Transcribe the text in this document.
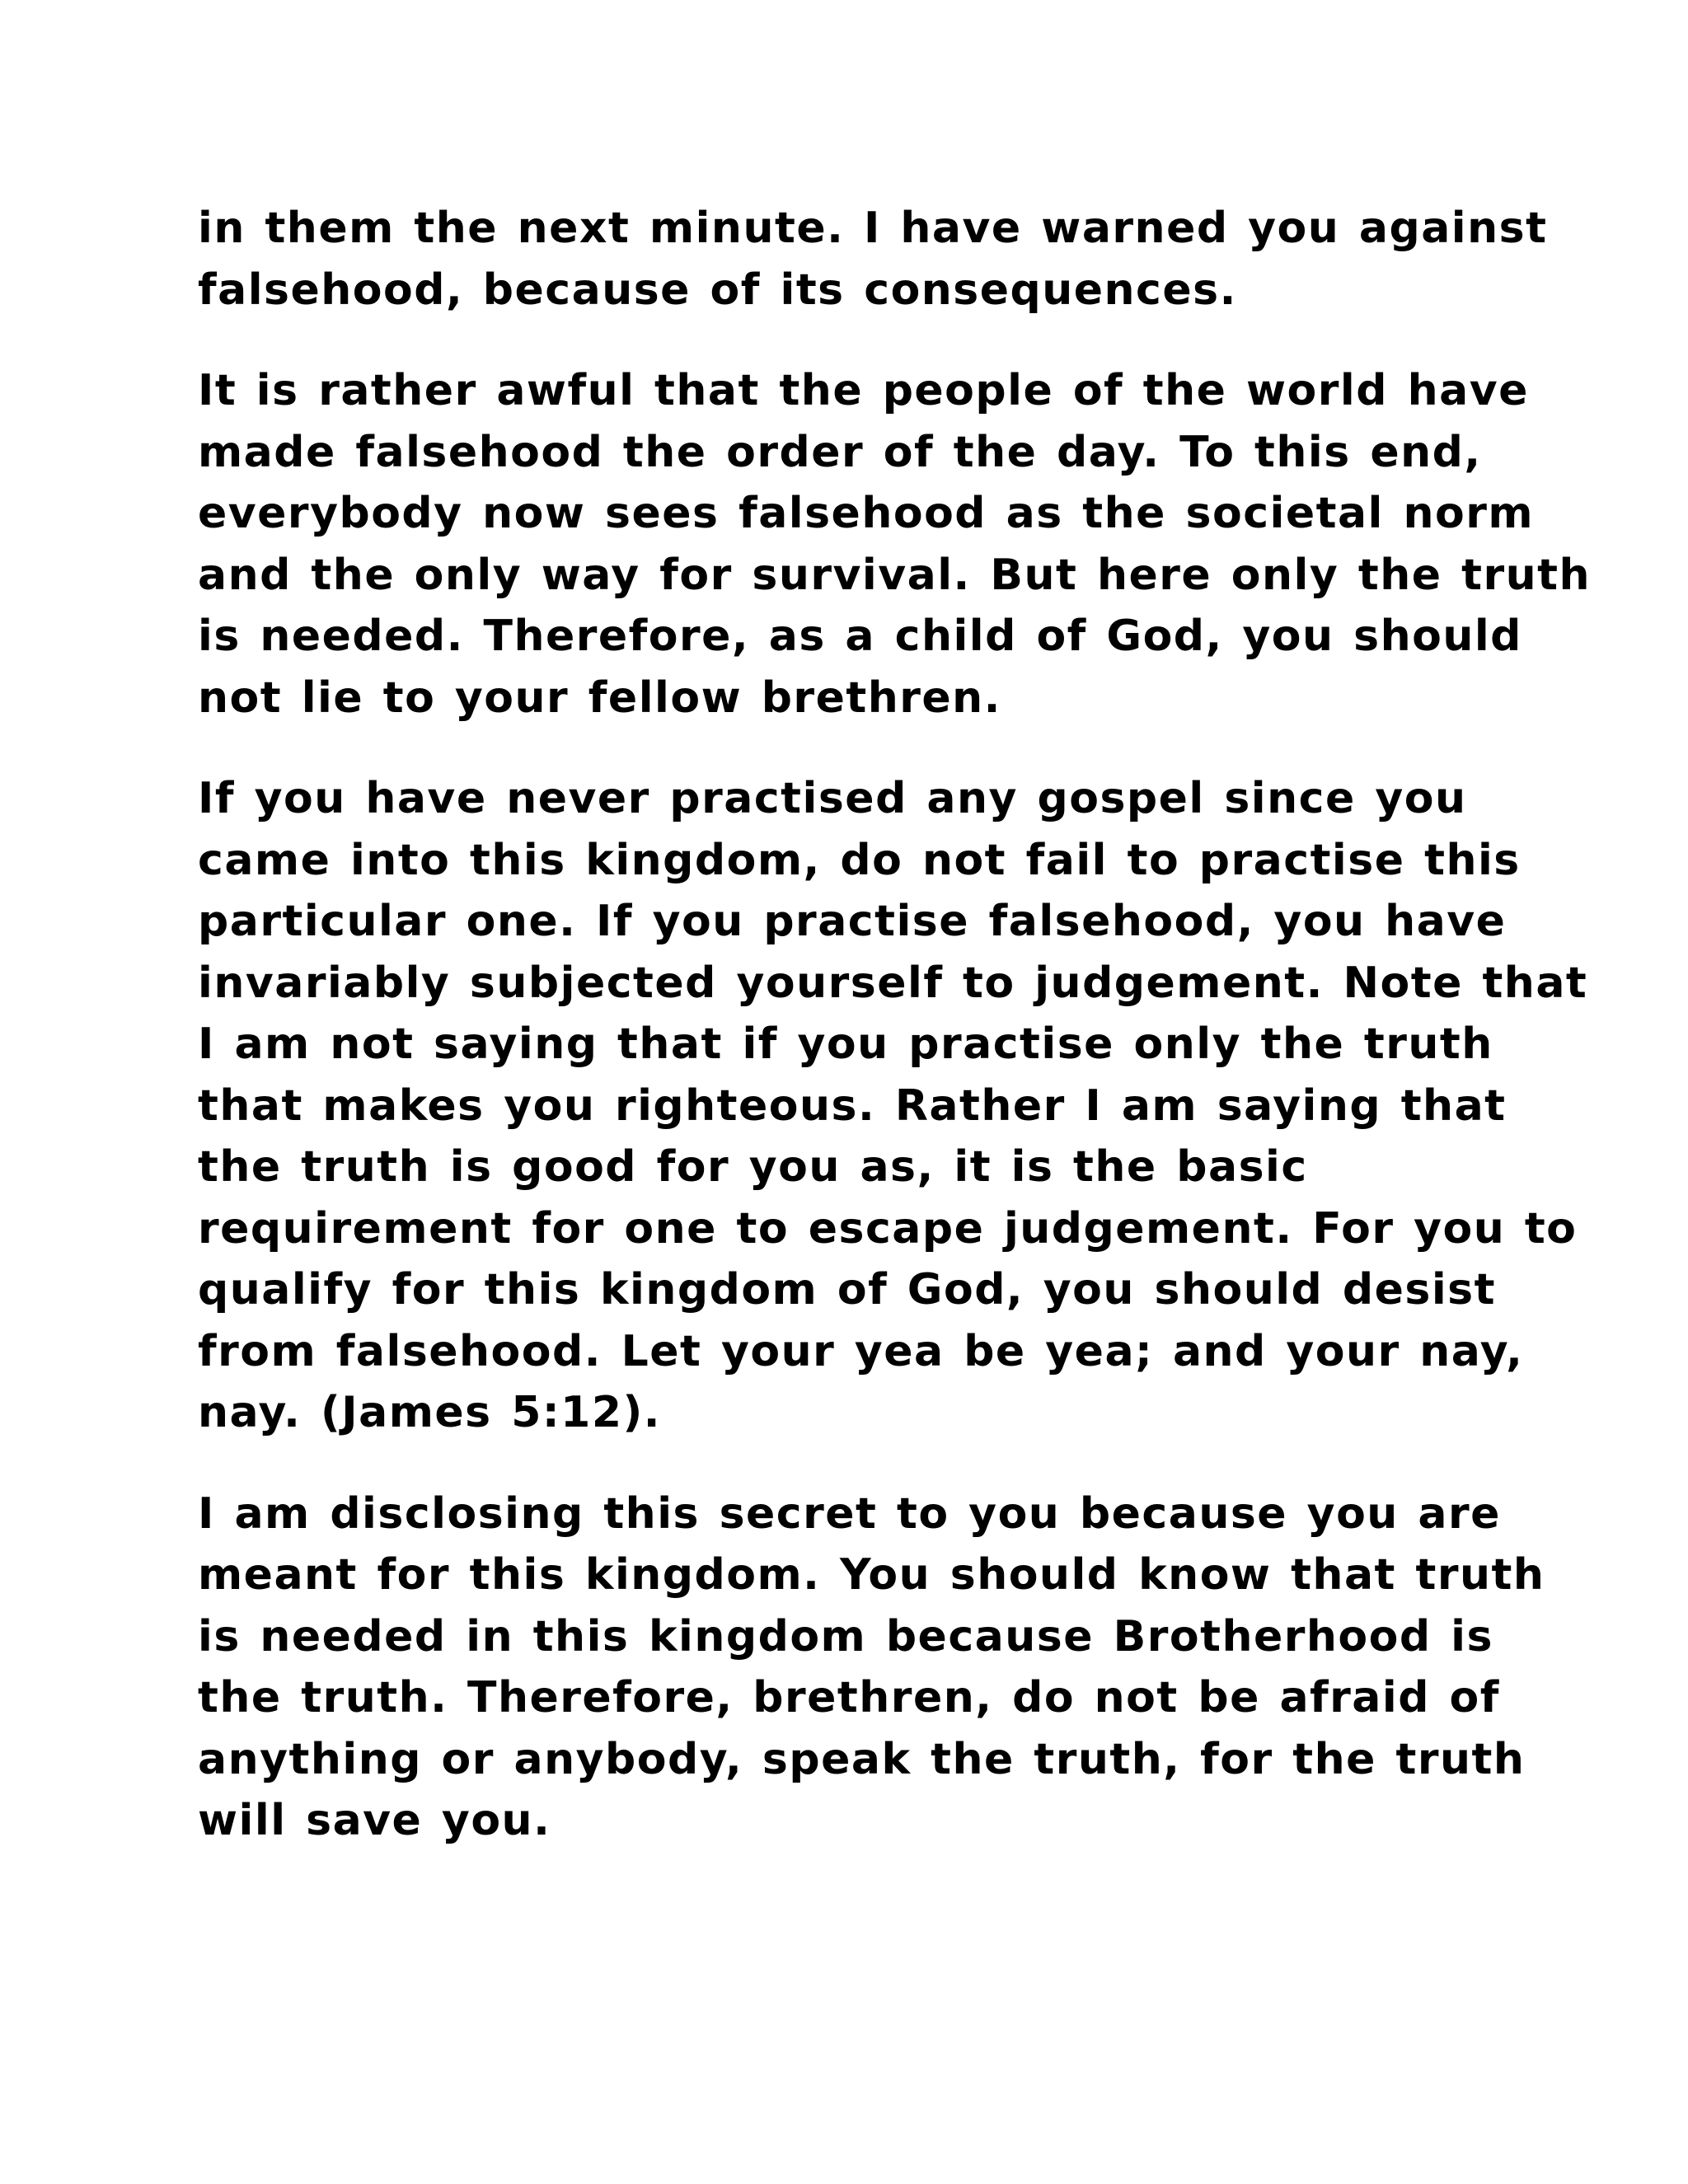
in them the next minute. I have warned you against
falsehood, because of its consequences.

It is rather awful that the people of the world have
made falsehood the order of the day. To this end,
everybody now sees falsehood as the societal norm
and the only way for survival. But here only the truth
is needed. Therefore, as a child of God, you should
not lie to your fellow brethren.

If you have never practised any gospel since you
came into this kingdom, do not fail to practise this
particular one. If you practise falsehood, you have
invariably subjected yourself to judgement. Note that
I am not saying that if you practise only the truth
that makes you righteous. Rather I am saying that
the truth is good for you as, it is the basic
requirement for one to escape judgement. For you to
qualify for this kingdom of God, you should desist
from falsehood. Let your yea be yea; and your nay,
nay. (James 5:12).

I am disclosing this secret to you because you are
meant for this kingdom. You should know that truth
is needed in this kingdom because Brotherhood is
the truth. Therefore, brethren, do not be afraid of
anything or anybody, speak the truth, for the truth
will save you.
